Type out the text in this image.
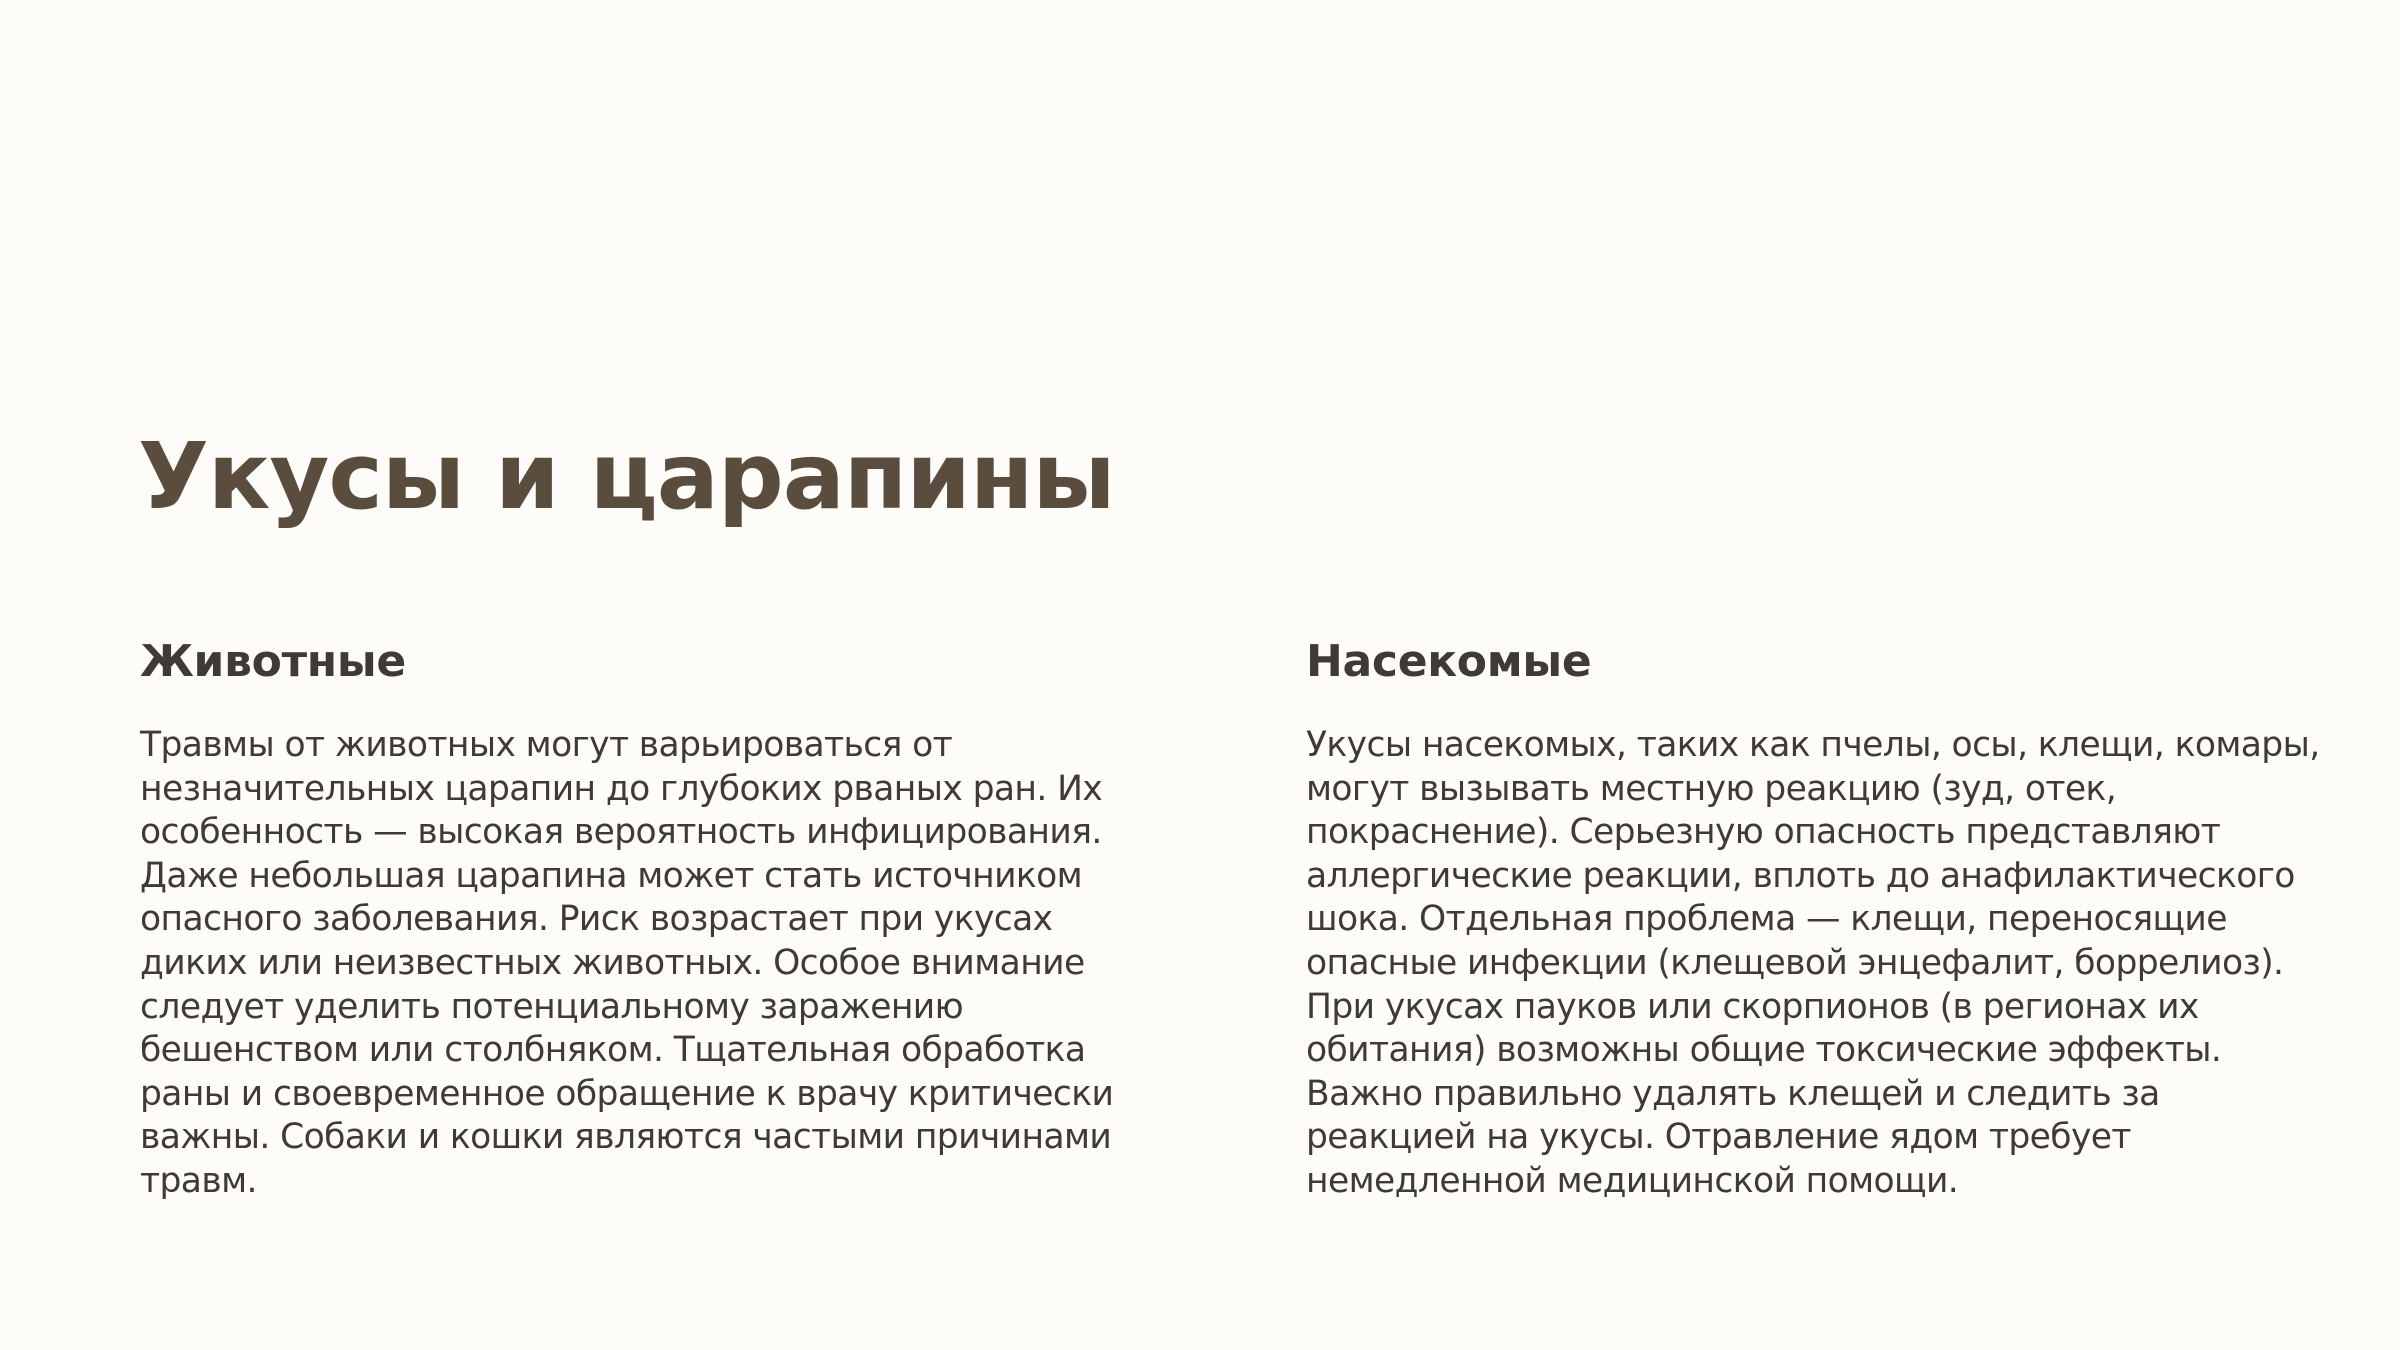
Укусы и царапины
Животные

Травмы от животных могут варьироваться от
незначительных царапин до глубоких рваных ран. Их
особенность — высокая вероятность инфицирования.
Даже небольшая царапина может стать источником
опасного заболевания. Риск возрастает при укусах
диких или неизвестных животных. Особое внимание
следует уделить потенциальному заражению
бешенством или столбняком. Тщательная обработка
раны и своевременное обращение к врачу критически
важны. Собаки и кошки являются частыми причинами
травм.

Насекомые

Укусы насекомых, таких как пчелы, осы, клещи, комары,
могут вызывать местную реакцию (зуд, отек,
покраснение). Серьезную опасность представляют
аллергические реакции, вплоть до анафилактического
шока. Отдельная проблема — клещи, переносящие
опасные инфекции (клещевой энцефалит, боррелиоз).
При укусах пауков или скорпионов (в регионах их
обитания) возможны общие токсические эффекты.
Важно правильно удалять клещей и следить за
реакцией на укусы. Отравление ядом требует
немедленной медицинской помощи.
